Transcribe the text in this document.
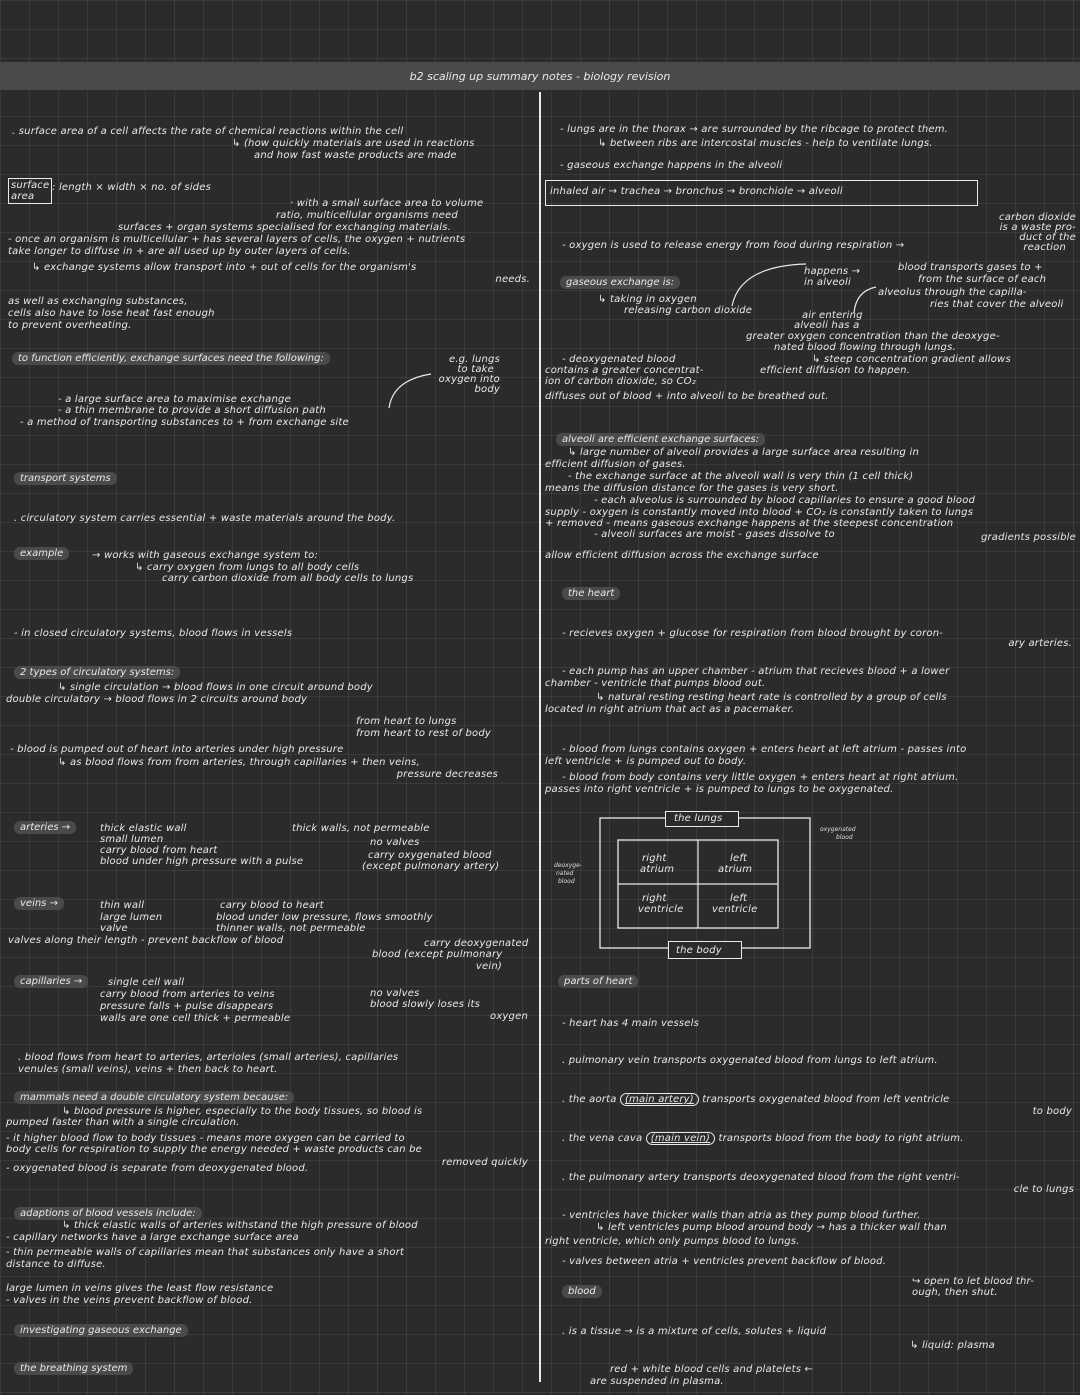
b2 scaling up summary notes - biology revision
. surface area of a cell affects the rate of chemical reactions within the cell
↳ (how quickly materials are used in reactions
and how fast waste products are made
surface area
: length × width × no. of sides
· with a small surface area to volume
ratio, multicellular organisms need
surfaces + organ systems specialised for exchanging materials.
- once an organism is multicellular + has several layers of cells, the oxygen + nutrients
take longer to diffuse in + are all used up by outer layers of cells.
↳ exchange systems allow transport into + out of cells for the organism's
needs.
as well as exchanging substances,
cells also have to lose heat fast enough
to prevent overheating.
to function efficiently, exchange surfaces need the following:	e.g. lungs
to take
oxygen into
body
- a large surface area to maximise exchange
- a thin membrane to provide a short diffusion path
- a method of transporting substances to + from exchange site
transport systems
. circulatory system carries essential + waste materials around the body.
example	→ works with gaseous exchange system to:
↳ carry oxygen from lungs to all body cells
carry carbon dioxide from all body cells to lungs
- in closed circulatory systems, blood flows in vessels
2 types of circulatory systems:
↳ single circulation → blood flows in one circuit around body
double circulatory → blood flows in 2 circuits around body
from heart to lungs
from heart to rest of body
- blood is pumped out of heart into arteries under high pressure
↳ as blood flows from from arteries, through capillaries + then veins,
pressure decreases
arteries →	thick elastic wall
small lumen
carry blood from heart
blood under high pressure with a pulse
thick walls, not permeable
no valves
carry oxygenated blood
(except pulmonary artery)
veins →	thin wall
large lumen
valve
carry blood to heart
blood under low pressure, flows smoothly
thinner walls, not permeable
valves along their length - prevent backflow of blood	carry deoxygenated
blood (except pulmonary
vein)
capillaries →	single cell wall
carry blood from arteries to veins
pressure falls + pulse disappears
walls are one cell thick + permeable
no valves
blood slowly loses its
oxygen
. blood flows from heart to arteries, arterioles (small arteries), capillaries
venules (small veins), veins + then back to heart.
mammals need a double circulatory system because:
↳ blood pressure is higher, especially to the body tissues, so blood is
pumped faster than with a single circulation.
- it higher blood flow to body tissues - means more oxygen can be carried to
body cells for respiration to supply the energy needed + waste products can be
- oxygenated blood is separate from deoxygenated blood.
removed quickly
adaptions of blood vessels include:
↳ thick elastic walls of arteries withstand the high pressure of blood
- capillary networks have a large exchange surface area
- thin permeable walls of capillaries mean that substances only have a short
distance to diffuse.
large lumen in veins gives the least flow resistance
- valves in the veins prevent backflow of blood.
investigating gaseous exchange
the breathing system
- lungs are in the thorax → are surrounded by the ribcage to protect them.
↳ between ribs are intercostal muscles - help to ventilate lungs.
- gaseous exchange happens in the alveoli
inhaled air → trachea → bronchus → bronchiole → alveoli
carbon dioxide
is a waste pro-
duct of the
reaction
- oxygen is used to release energy from food during respiration →
gaseous exchange is:
↳ taking in oxygen
releasing carbon dioxide
happens →
in alveoli
blood transports gases to +
from the surface of each
alveolus through the capilla-
ries that cover the alveoli
air entering
alveoli has a
greater oxygen concentration than the deoxyge-
nated blood flowing through lungs.
↳ steep concentration gradient allows
efficient diffusion to happen.
- deoxygenated blood
contains a greater concentrat-
ion of carbon dioxide, so CO₂
diffuses out of blood + into alveoli to be breathed out.
alveoli are efficient exchange surfaces:
↳ large number of alveoli provides a large surface area resulting in
efficient diffusion of gases.
- the exchange surface at the alveoli wall is very thin (1 cell thick)
means the diffusion distance for the gases is very short.
- each alveolus is surrounded by blood capillaries to ensure a good blood
supply - oxygen is constantly moved into blood + CO₂ is constantly taken to lungs
+ removed - means gaseous exchange happens at the steepest concentration
- alveoli surfaces are moist - gases dissolve to	gradients possible
allow efficient diffusion across the exchange surface
the heart
- recieves oxygen + glucose for respiration from blood brought by coron-
ary arteries.
- each pump has an upper chamber - atrium that recieves blood + a lower
chamber - ventricle that pumps blood out.
↳ natural resting resting heart rate is controlled by a group of cells
located in right atrium that act as a pacemaker.
- blood from lungs contains oxygen + enters heart at left atrium - passes into
left ventricle + is pumped out to body.
- blood from body contains very little oxygen + enters heart at right atrium.
passes into right ventricle + is pumped to lungs to be oxygenated.
the lungs
the body
right
atrium
left
atrium
right
ventricle
left
ventricle
oxygenated
blood
deoxyge-
nated
blood
parts of heart
- heart has 4 main vessels
. pulmonary vein transports oxygenated blood from lungs to left atrium.
. the aorta (main artery) transports oxygenated blood from left ventricle
to body
. the vena cava (main vein) transports blood from the body to right atrium.
. the pulmonary artery transports deoxygenated blood from the right ventri-
cle to lungs
- ventricles have thicker walls than atria as they pump blood further.
↳ left ventricles pump blood around body → has a thicker wall than
right ventricle, which only pumps blood to lungs.
- valves between atria + ventricles prevent backflow of blood.
↪ open to let blood thr-
ough, then shut.
blood
. is a tissue → is a mixture of cells, solutes + liquid
↳ liquid: plasma
red + white blood cells and platelets ←
are suspended in plasma.
